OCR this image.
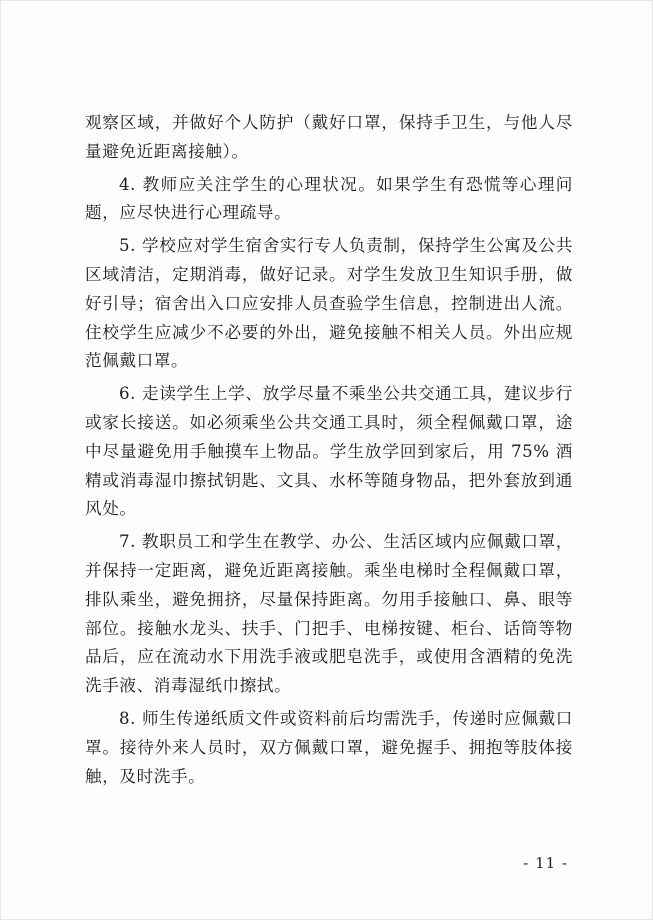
观察区域，并做好个人防护（戴好口罩，保持手卫生，与他人尽量避免近距离接触）。

4. 教师应关注学生的心理状况。如果学生有恐慌等心理问题，应尽快进行心理疏导。

5. 学校应对学生宿舍实行专人负责制，保持学生公寓及公共区域清洁，定期消毒，做好记录。对学生发放卫生知识手册，做好引导；宿舍出入口应安排人员查验学生信息，控制进出人流。住校学生应减少不必要的外出，避免接触不相关人员。外出应规范佩戴口罩。

6. 走读学生上学、放学尽量不乘坐公共交通工具，建议步行或家长接送。如必须乘坐公共交通工具时，须全程佩戴口罩，途中尽量避免用手触摸车上物品。学生放学回到家后，用 75% 酒精或消毒湿巾擦拭钥匙、文具、水杯等随身物品，把外套放到通风处。

7. 教职员工和学生在教学、办公、生活区域内应佩戴口罩，并保持一定距离，避免近距离接触。乘坐电梯时全程佩戴口罩，排队乘坐，避免拥挤，尽量保持距离。勿用手接触口、鼻、眼等部位。接触水龙头、扶手、门把手、电梯按键、柜台、话筒等物品后，应在流动水下用洗手液或肥皂洗手，或使用含酒精的免洗洗手液、消毒湿纸巾擦拭。

8. 师生传递纸质文件或资料前后均需洗手，传递时应佩戴口罩。接待外来人员时，双方佩戴口罩，避免握手、拥抱等肢体接触，及时洗手。

- 11 -
